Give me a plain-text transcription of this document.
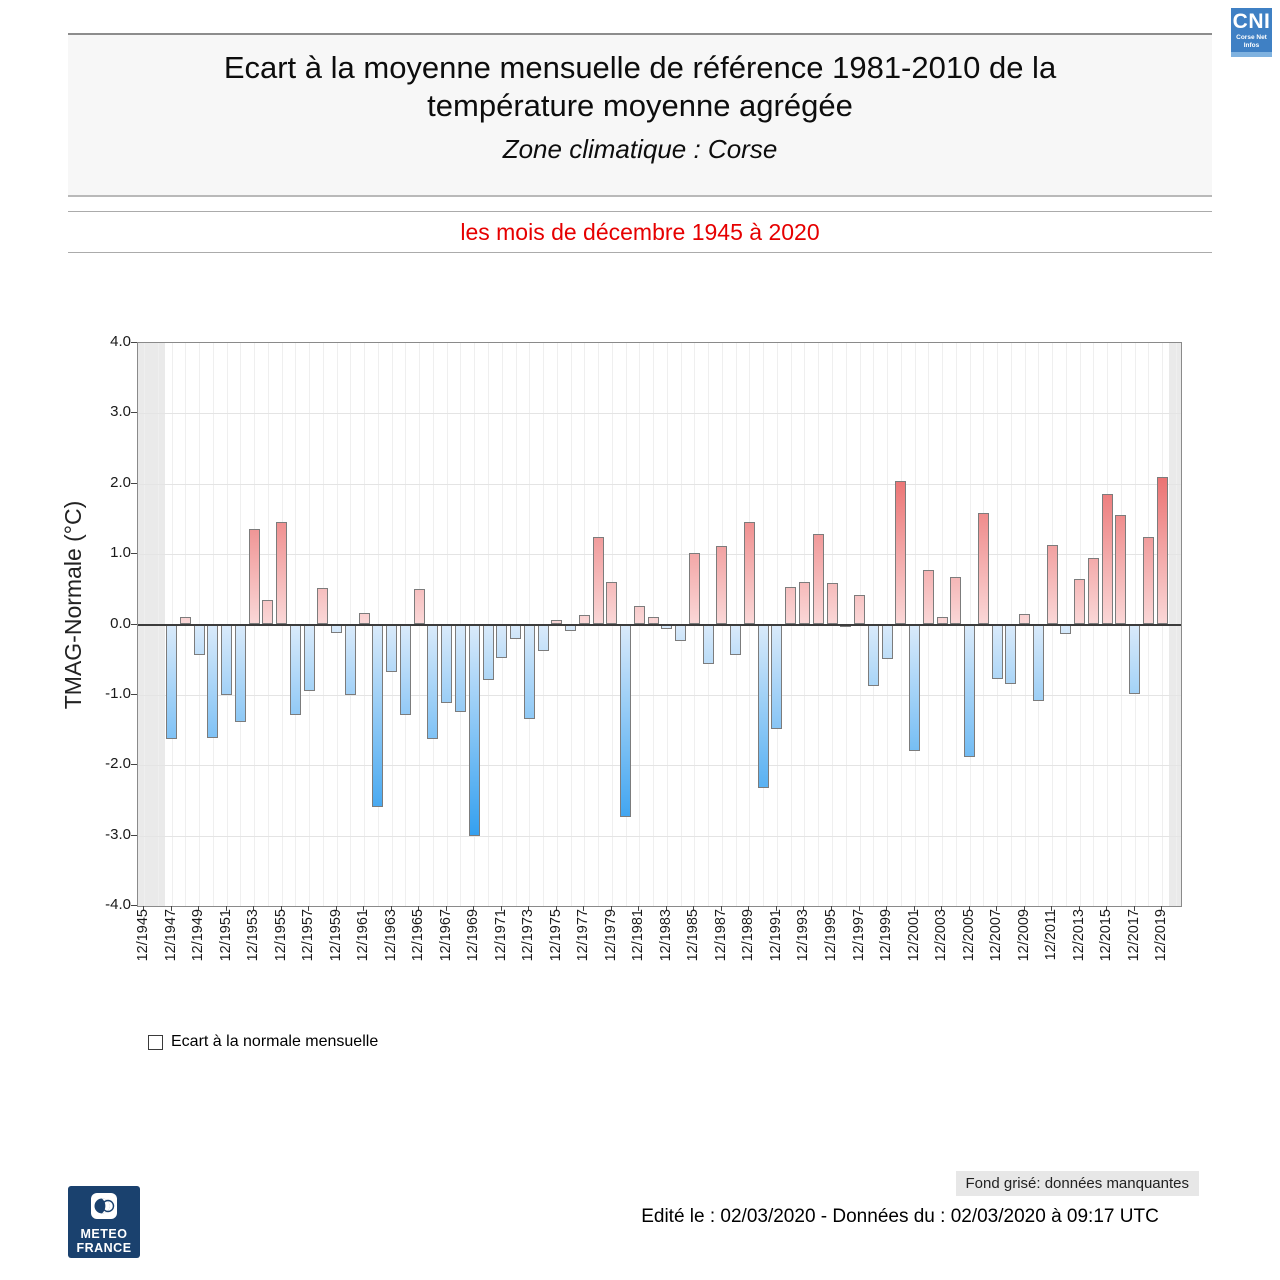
CNI
Corse Net Infos
Ecart à la moyenne mensuelle de référence 1981-2010 de la
température moyenne agrégée
Zone climatique : Corse
les mois de décembre 1945 à 2020
TMAG-Normale (°C)
4.0
3.0
2.0
1.0
0.0
-1.0
-2.0
-3.0
-4.0
12/1945 12/1947 12/1949 12/1951 12/1953 12/1955 12/1957 12/1959 12/1961 12/1963 12/1965 12/1967 12/1969 12/1971 12/1973 12/1975 12/1977 12/1979 12/1981 12/1983 12/1985 12/1987 12/1989 12/1991 12/1993 12/1995 12/1997 12/1999 12/2001 12/2003 12/2005 12/2007 12/2009 12/2011 12/2013 12/2015 12/2017 12/2019
Ecart à la normale mensuelle
Fond grisé: données manquantes
Edité le : 02/03/2020 - Données du : 02/03/2020 à 09:17 UTC
METEO
FRANCE
